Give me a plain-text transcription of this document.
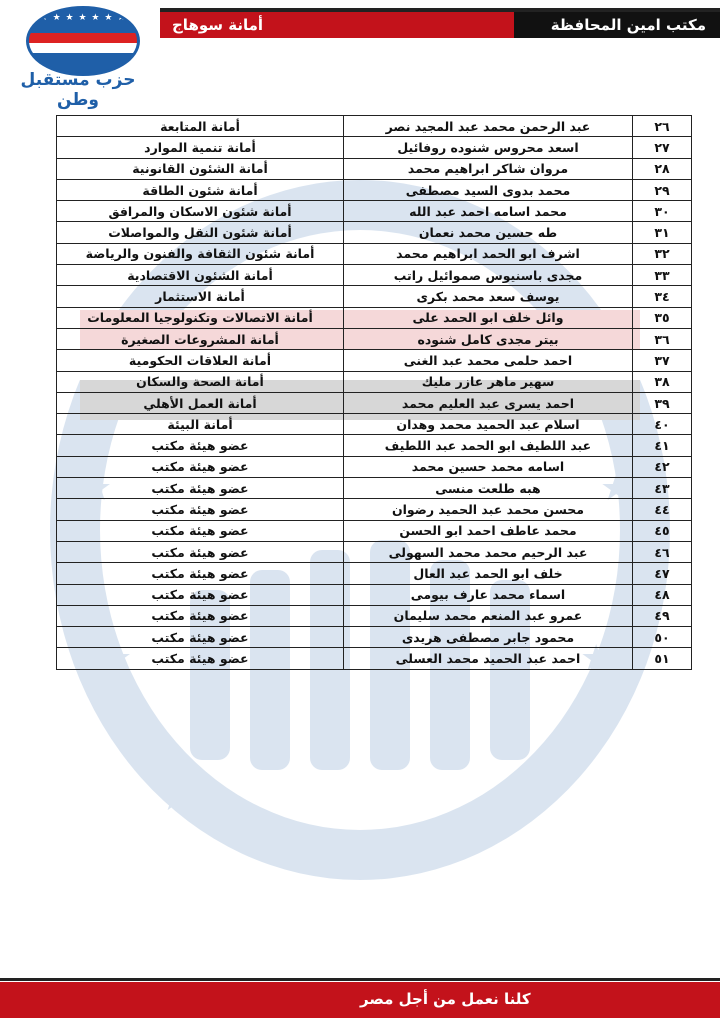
مكتب امين المحافظة
أمانة سوهاج
★ ★ ★ ★ ★ ★ ★
حزب مستقبل وطن
★	★
★	★
★	★
٢٦	عبد الرحمن محمد عبد المجيد نصر	أمانة المتابعة
٢٧	اسعد محروس شنوده روفائيل	أمانة تنمية الموارد
٢٨	مروان شاكر ابراهيم محمد	أمانة الشئون القانونية
٢٩	محمد بدوى السيد مصطفى	أمانة شئون الطاقة
٣٠	محمد اسامه احمد عبد الله	أمانة شئون الاسكان والمرافق
٣١	طه حسين محمد نعمان	أمانة شئون النقل والمواصلات
٣٢	اشرف ابو الحمد ابراهيم محمد	أمانة شئون الثقافة والفنون والرياضة
٣٣	مجدى باسنيوس صموائيل راتب	أمانة الشئون الاقتصادية
٣٤	يوسف سعد محمد بكرى	أمانة الاستثمار
٣٥	وائل خلف ابو الحمد على	أمانة الاتصالات وتكنولوجيا المعلومات
٣٦	بيتر مجدى كامل شنوده	أمانة المشروعات الصغيرة
٣٧	احمد حلمى محمد عبد الغنى	أمانة العلاقات الحكومية
٣٨	سهير ماهر عازر مليك	أمانة الصحة والسكان
٣٩	احمد يسرى عبد العليم محمد	أمانة العمل الأهلي
٤٠	اسلام عبد الحميد محمد وهدان	أمانة البيئة
٤١	عبد اللطيف ابو الحمد عبد اللطيف	عضو هيئة مكتب
٤٢	اسامه محمد حسين محمد	عضو هيئة مكتب
٤٣	هبه طلعت منسى	عضو هيئة مكتب
٤٤	محسن محمد عبد الحميد رضوان	عضو هيئة مكتب
٤٥	محمد عاطف احمد ابو الحسن	عضو هيئة مكتب
٤٦	عبد الرحيم محمد محمد السهولى	عضو هيئة مكتب
٤٧	خلف ابو الحمد عبد العال	عضو هيئة مكتب
٤٨	اسماء محمد عارف بيومى	عضو هيئة مكتب
٤٩	عمرو عبد المنعم محمد سليمان	عضو هيئة مكتب
٥٠	محمود جابر مصطفى هريدى	عضو هيئة مكتب
٥١	احمد عبد الحميد محمد العسلى	عضو هيئة مكتب
كلنا نعمل من أجل مصر
